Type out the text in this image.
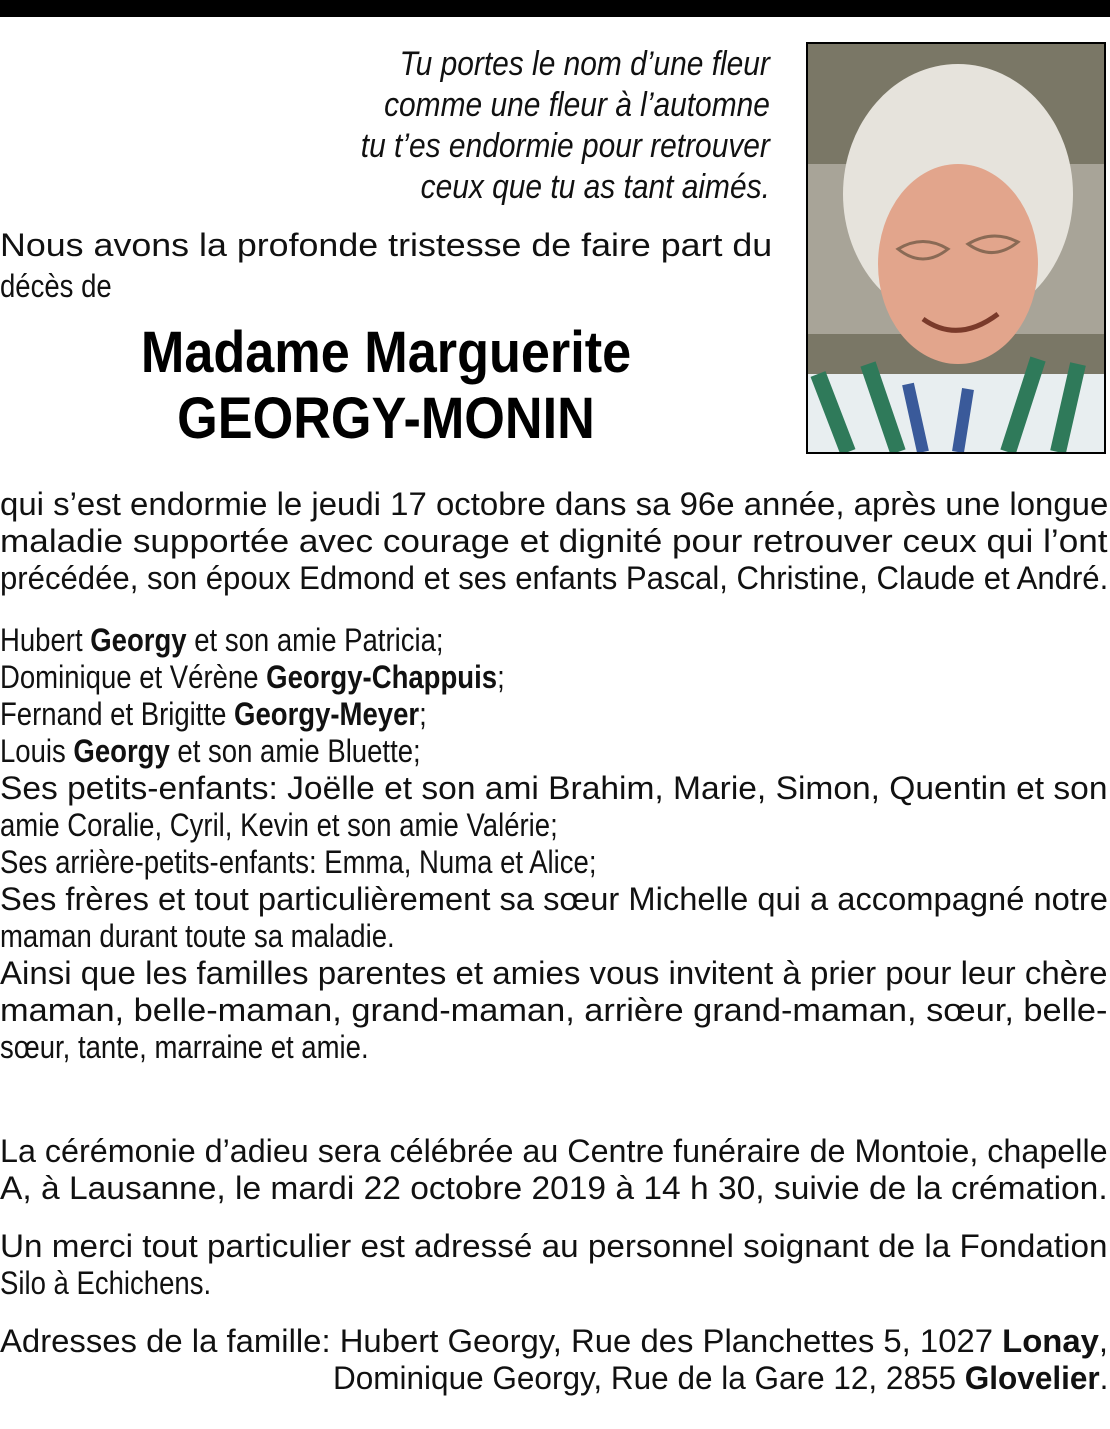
Tu portes le nom d’une fleur
comme une fleur à l’automne
tu t’es endormie pour retrouver
ceux que tu as tant aimés.
Nous avons la profonde tristesse de faire part du
décès de
Madame Marguerite
GEORGY-MONIN
qui s’est endormie le jeudi 17 octobre dans sa 96e année, après une longue
maladie supportée avec courage et dignité pour retrouver ceux qui l’ont
précédée, son époux Edmond et ses enfants Pascal, Christine, Claude et André.
Hubert Georgy et son amie Patricia;
Dominique et Vérène Georgy-Chappuis;
Fernand et Brigitte Georgy-Meyer;
Louis Georgy et son amie Bluette;
Ses petits-enfants: Joëlle et son ami Brahim, Marie, Simon, Quentin et son
amie Coralie, Cyril, Kevin et son amie Valérie;
Ses arrière-petits-enfants: Emma, Numa et Alice;
Ses frères et tout particulièrement sa sœur Michelle qui a accompagné notre
maman durant toute sa maladie.
Ainsi que les familles parentes et amies vous invitent à prier pour leur chère
maman, belle-maman, grand-maman, arrière grand-maman, sœur, belle-
sœur, tante, marraine et amie.
La cérémonie d’adieu sera célébrée au Centre funéraire de Montoie, chapelle
A, à Lausanne, le mardi 22 octobre 2019 à 14 h 30, suivie de la crémation.
Un merci tout particulier est adressé au personnel soignant de la Fondation
Silo à Echichens.
Adresses de la famille: Hubert Georgy, Rue des Planchettes 5, 1027 Lonay,
Dominique Georgy, Rue de la Gare 12, 2855 Glovelier.
